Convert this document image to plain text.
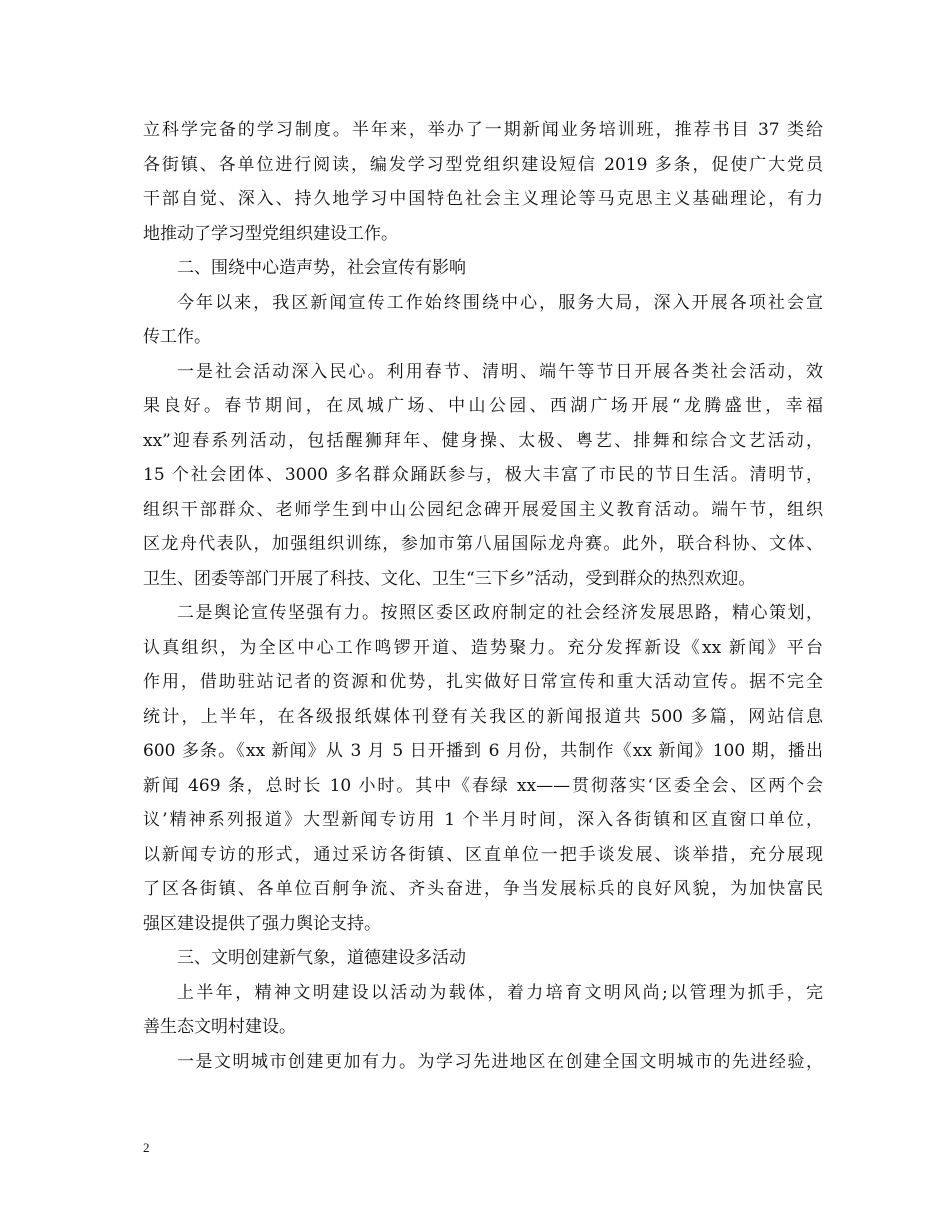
立科学完备的学习制度。半年来，举办了一期新闻业务培训班，推荐书目 37 类给
各街镇、各单位进行阅读，编发学习型党组织建设短信 2019 多条，促使广大党员
干部自觉、深入、持久地学习中国特色社会主义理论等马克思主义基础理论，有力
地推动了学习型党组织建设工作。
二、围绕中心造声势，社会宣传有影响
今年以来，我区新闻宣传工作始终围绕中心，服务大局，深入开展各项社会宣
传工作。
一是社会活动深入民心。利用春节、清明、端午等节日开展各类社会活动，效
果良好。春节期间，在凤城广场、中山公园、西湖广场开展“龙腾盛世，幸福
xx”迎春系列活动，包括醒狮拜年、健身操、太极、粤艺、排舞和综合文艺活动，
15 个社会团体、3000 多名群众踊跃参与，极大丰富了市民的节日生活。清明节，
组织干部群众、老师学生到中山公园纪念碑开展爱国主义教育活动。端午节，组织
区龙舟代表队，加强组织训练，参加市第八届国际龙舟赛。此外，联合科协、文体、
卫生、团委等部门开展了科技、文化、卫生“三下乡”活动，受到群众的热烈欢迎。
二是舆论宣传坚强有力。按照区委区政府制定的社会经济发展思路，精心策划，
认真组织，为全区中心工作鸣锣开道、造势聚力。充分发挥新设《xx 新闻》平台
作用，借助驻站记者的资源和优势，扎实做好日常宣传和重大活动宣传。据不完全
统计，上半年，在各级报纸媒体刊登有关我区的新闻报道共 500 多篇，网站信息
600 多条。《xx 新闻》从 3 月 5 日开播到 6 月份，共制作《xx 新闻》100 期，播出
新闻 469 条，总时长 10 小时。其中《春绿 xx——贯彻落实‘区委全会、区两个会
议’精神系列报道》大型新闻专访用 1 个半月时间，深入各街镇和区直窗口单位，
以新闻专访的形式，通过采访各街镇、区直单位一把手谈发展、谈举措，充分展现
了区各街镇、各单位百舸争流、齐头奋进，争当发展标兵的良好风貌，为加快富民
强区建设提供了强力舆论支持。
三、文明创建新气象，道德建设多活动
上半年，精神文明建设以活动为载体，着力培育文明风尚;以管理为抓手，完
善生态文明村建设。
一是文明城市创建更加有力。为学习先进地区在创建全国文明城市的先进经验，
2
